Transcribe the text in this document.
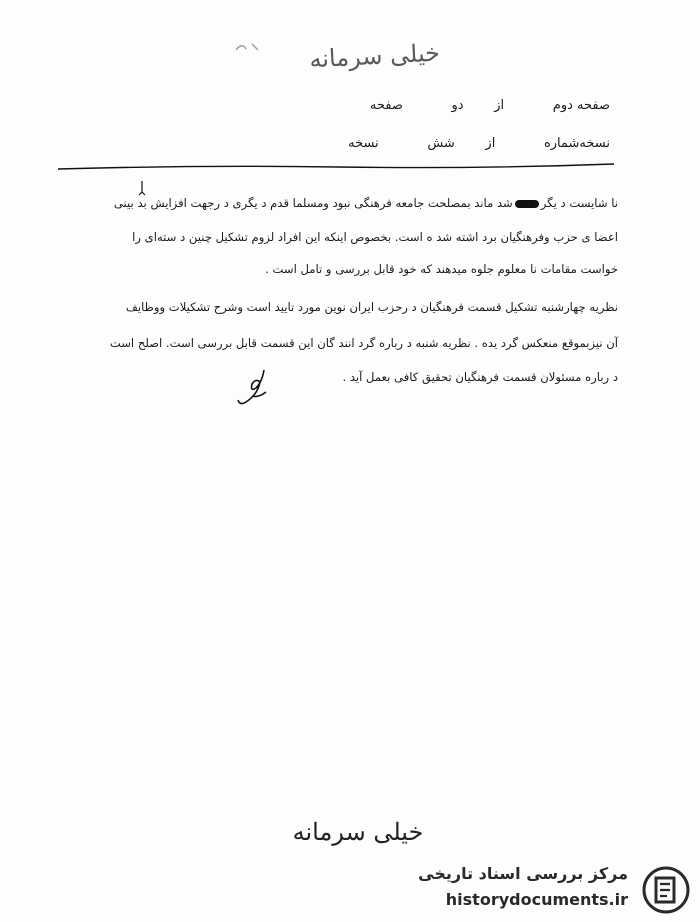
خیلی سرمانه
صفحه دوم از دو صفحه
نسخه‌شماره از شش نسخه
نا شایست د یگرشد ماند بمصلحت جامعه فرهنگی نبود ومسلما قدم د یگری د رجهت افزایش بد بینی
اعضا ی حزب وفرهنگیان برد اشته شد ه است. بخصوص اینکه این افراد لزوم تشکیل چنین د سته‌ای را
خواست مقامات نا معلوم جلوه میدهند که خود قابل بررسی و تامل است .
نظریه چهارشنبه تشکیل قسمت فرهنگیان د رحزب ایران نوین مورد تایید است وشرح تشکیلات ووظایف
آن نیزبموقع منعکس گرد یده . نظریه شنبه د رباره گرد انند گان این قسمت قابل بررسی است. اصلح است
د رباره مسئولان قسمت فرهنگیان تحقیق کافی بعمل آید .
خیلی سرمانه
مرکز بررسی اسناد تاریخی
historydocuments.ir
